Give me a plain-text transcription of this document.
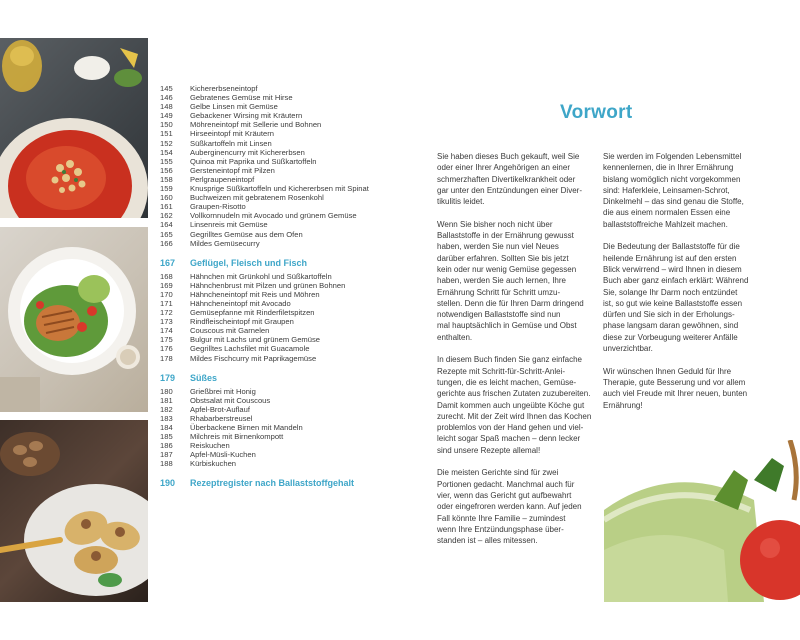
145	Kichererbseneintopf
146	Gebratenes Gemüse mit Hirse
148	Gelbe Linsen mit Gemüse
149	Gebackener Wirsing mit Kräutern
150	Möhreneintopf mit Sellerie und Bohnen
151	Hirseeintopf mit Kräutern
152	Süßkartoffeln mit Linsen
154	Auberginencurry mit Kichererbsen
155	Quinoa mit Paprika und Süßkartoffeln
156	Gersteneintopf mit Pilzen
158	Perlgraupeneintopf
159	Knusprige Süßkartoffeln und Kichererbsen mit Spinat
160	Buchweizen mit gebratenem Rosenkohl
161	Graupen-Risotto
162	Vollkornnudeln mit Avocado und grünem Gemüse
164	Linsenreis mit Gemüse
165	Gegrilltes Gemüse aus dem Ofen
166	Mildes Gemüsecurry
167	Geflügel, Fleisch und Fisch
168	Hähnchen mit Grünkohl und Süßkartoffeln
169	Hähnchenbrust mit Pilzen und grünen Bohnen
170	Hähncheneintopf mit Reis und Möhren
171	Hähncheneintopf mit Avocado
172	Gemüsepfanne mit Rinderfiletspitzen
173	Rindfleischeintopf mit Graupen
174	Couscous mit Garnelen
175	Bulgur mit Lachs und grünem Gemüse
176	Gegrilltes Lachsfilet mit Guacamole
178	Mildes Fischcurry mit Paprikagemüse
179	Süßes
180	Grießbrei mit Honig
181	Obstsalat mit Couscous
182	Apfel-Brot-Auflauf
183	Rhabarberstreusel
184	Überbackene Birnen mit Mandeln
185	Milchreis mit Birnenkompott
186	Reiskuchen
187	Apfel-Müsli-Kuchen
188	Kürbiskuchen
190	Rezeptregister nach Ballaststoffgehalt
Vorwort

Sie haben dieses Buch gekauft, weil Sie
oder einer Ihrer Angehörigen an einer
schmerzhaften Divertikelkrankheit oder
gar unter den Entzündungen einer Diver-
tikulitis leidet.

Wenn Sie bisher noch nicht über
Ballaststoffe in der Ernährung gewusst
haben, werden Sie nun viel Neues
darüber erfahren. Sollten Sie bis jetzt
kein oder nur wenig Gemüse gegessen
haben, werden Sie auch lernen, Ihre
Ernährung Schritt für Schritt umzu-
stellen. Denn die für Ihren Darm dringend
notwendigen Ballaststoffe sind nun
mal hauptsächlich in Gemüse und Obst
enthalten.

In diesem Buch finden Sie ganz einfache
Rezepte mit Schritt-für-Schritt-Anlei-
tungen, die es leicht machen, Gemüse-
gerichte aus frischen Zutaten zuzubereiten.
Damit kommen auch ungeübte Köche gut
zurecht. Mit der Zeit wird Ihnen das Kochen
problemlos von der Hand gehen und viel-
leicht sogar Spaß machen – denn lecker
sind unsere Rezepte allemal!

Die meisten Gerichte sind für zwei
Portionen gedacht. Manchmal auch für
vier, wenn das Gericht gut aufbewahrt
oder eingefroren werden kann. Auf jeden
Fall könnte Ihre Familie – zumindest
wenn Ihre Entzündungsphase über-
standen ist – alles mitessen.

Sie werden im Folgenden Lebensmittel
kennenlernen, die in Ihrer Ernährung
bislang womöglich nicht vorgekommen
sind: Haferkleie, Leinsamen-Schrot,
Dinkelmehl – das sind genau die Stoffe,
die aus einem normalen Essen eine
ballaststoffreiche Mahlzeit machen.

Die Bedeutung der Ballaststoffe für die
heilende Ernährung ist auf den ersten
Blick verwirrend – wird Ihnen in diesem
Buch aber ganz einfach erklärt: Während
Sie, solange Ihr Darm noch entzündet
ist, so gut wie keine Ballaststoffe essen
dürfen und Sie sich in der Erholungs-
phase langsam daran gewöhnen, sind
diese zur Vorbeugung weiterer Anfälle
unverzichtbar.

Wir wünschen Ihnen Geduld für Ihre
Therapie, gute Besserung und vor allem
auch viel Freude mit Ihrer neuen, bunten
Ernährung!
